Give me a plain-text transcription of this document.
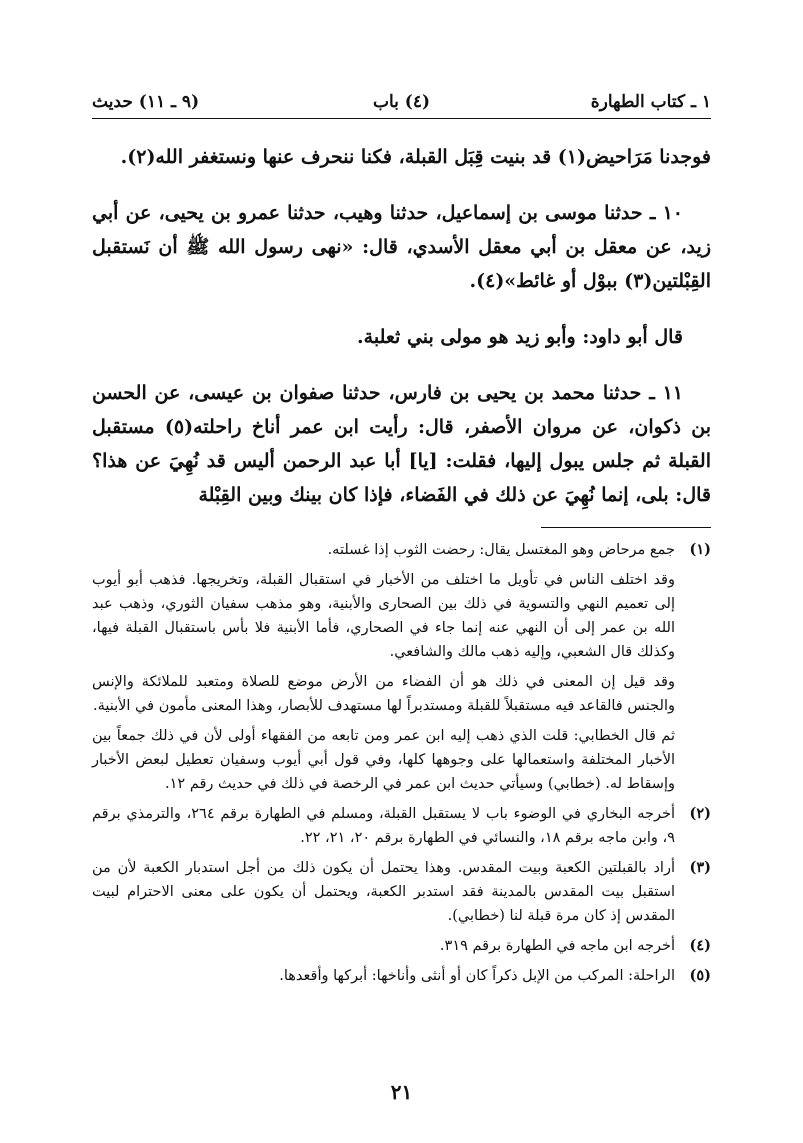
١ ـ كتاب الطهارة
(٤) باب
(٩ ـ ١١) حديث

فوجدنا مَرَاحيض(١) قد بنيت قِبَل القبلة، فكنا ننحرف عنها ونستغفر الله(٢).

١٠ ـ حدثنا موسى بن إسماعيل، حدثنا وهيب، حدثنا عمرو بن يحيى، عن أبي زيد، عن معقل بن أبي معقل الأسدي، قال: «نهى رسول الله ﷺ أن نَستقبل القِبْلتين(٣) ببوْل أو غائط»(٤).

قال أبو داود: وأبو زيد هو مولى بني ثعلبة.

١١ ـ حدثنا محمد بن يحيى بن فارس، حدثنا صفوان بن عيسى، عن الحسن بن ذكوان، عن مروان الأصفر، قال: رأيت ابن عمر أناخ راحلته(٥) مستقبل القبلة ثم جلس يبول إليها، فقلت: [يا] أبا عبد الرحمن أليس قد نُهِيَ عن هذا؟ قال: بلى، إنما نُهِيَ عن ذلك في الفَضاء، فإذا كان بينك وبين القِبْلة

(١)

جمع مرحاض وهو المغتسل يقال: رحضت الثوب إذا غسلته.

وقد اختلف الناس في تأويل ما اختلف من الأخبار في استقبال القبلة، وتخريجها. فذهب أبو أيوب إلى تعميم النهي والتسوية في ذلك بين الصحارى والأبنية، وهو مذهب سفيان الثوري، وذهب عبد الله بن عمر إلى أن النهي عنه إنما جاء في الصحاري، فأما الأبنية فلا بأس باستقبال القبلة فيها، وكذلك قال الشعبي، وإليه ذهب مالك والشافعي.

وقد قيل إن المعنى في ذلك هو أن الفضاء من الأرض موضع للصلاة ومتعبد للملائكة والإنس والجنس فالقاعد فيه مستقبلاً للقبلة ومستدبراً لها مستهدف للأبصار، وهذا المعنى مأمون في الأبنية.

ثم قال الخطابي: قلت الذي ذهب إليه ابن عمر ومن تابعه من الفقهاء أولى لأن في ذلك جمعاً بين الأخبار المختلفة واستعمالها على وجوهها كلها، وفي قول أبي أيوب وسفيان تعطيل لبعض الأخبار وإسقاط له. (خطابي) وسيأتي حديث ابن عمر في الرخصة في ذلك في حديث رقم ١٢.

(٢)

أخرجه البخاري في الوضوء باب لا يستقبل القبلة، ومسلم في الطهارة برقم ٢٦٤، والترمذي برقم ٩، وابن ماجه برقم ١٨، والنسائي في الطهارة برقم ٢٠، ٢١، ٢٢.

(٣)

أراد بالقبلتين الكعبة وبيت المقدس. وهذا يحتمل أن يكون ذلك من أجل استدبار الكعبة لأن من استقبل بيت المقدس بالمدينة فقد استدبر الكعبة، ويحتمل أن يكون على معنى الاحترام لبيت المقدس إذ كان مرة قبلة لنا (خطابي).

(٤)

أخرجه ابن ماجه في الطهارة برقم ٣١٩.

(٥)

الراحلة: المركب من الإبل ذكراً كان أو أنثى وأناخها: أبركها وأقعدها.

٢١
